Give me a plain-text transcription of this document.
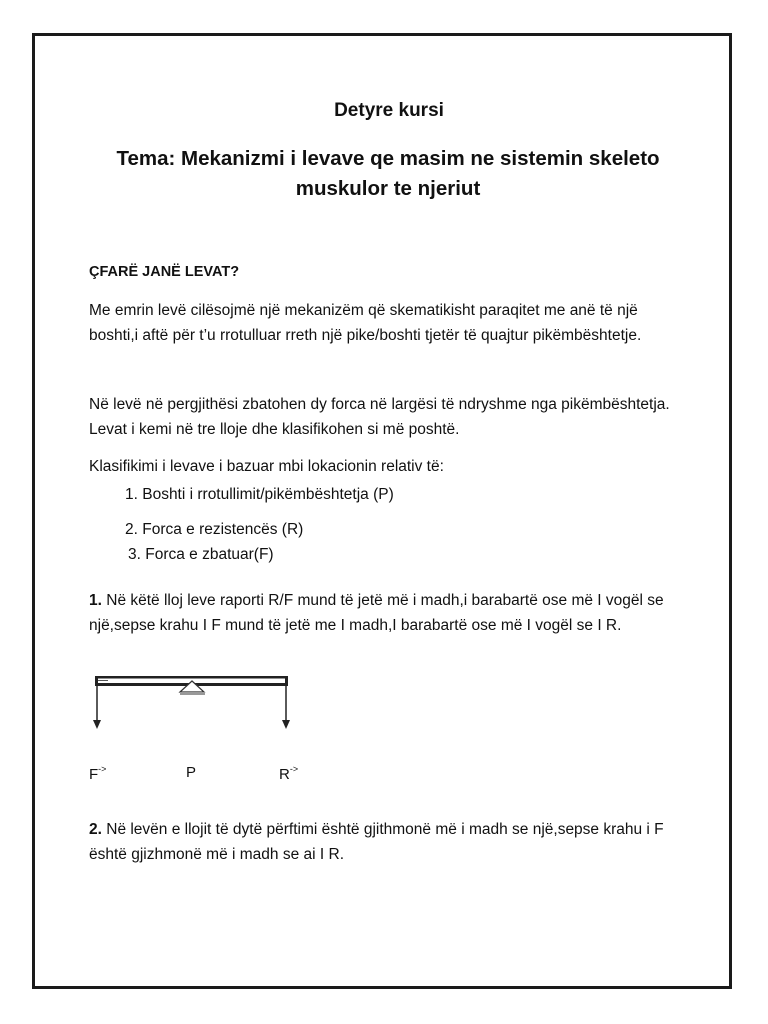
Detyre kursi
Tema: Mekanizmi i levave qe masim ne sistemin skeleto muskulor te njeriut
ÇFARË JANË LEVAT?

Me emrin levë cilësojmë një mekanizëm që skematikisht paraqitet me anë të një boshti,i aftë për t’u rrotulluar rreth një pike/boshti tjetër të quajtur pikëmbështetje.

Në levë në pergjithësi zbatohen dy forca në largësi të ndryshme nga pikëmbështetja. Levat i kemi në tre lloje dhe klasifikohen si më poshtë.

Klasifikimi i levave i bazuar mbi lokacionin relativ të:

1. Boshti i rrotullimit/pikëmbështetja (P)
2. Forca e rezistencës (R)
3. Forca e zbatuar(F)

1. Në këtë lloj leve raporti R/F mund të jetë më i madh,i barabartë ose më I vogël se një,sepse krahu I F mund të jetë me I madh,I barabartë ose më I vogël se I R.

2. Në levën e llojit të dytë përftimi është gjithmonë më i madh se një,sepse krahu i F është gjizhmonë më i madh se ai I R.

F->	P	R->
